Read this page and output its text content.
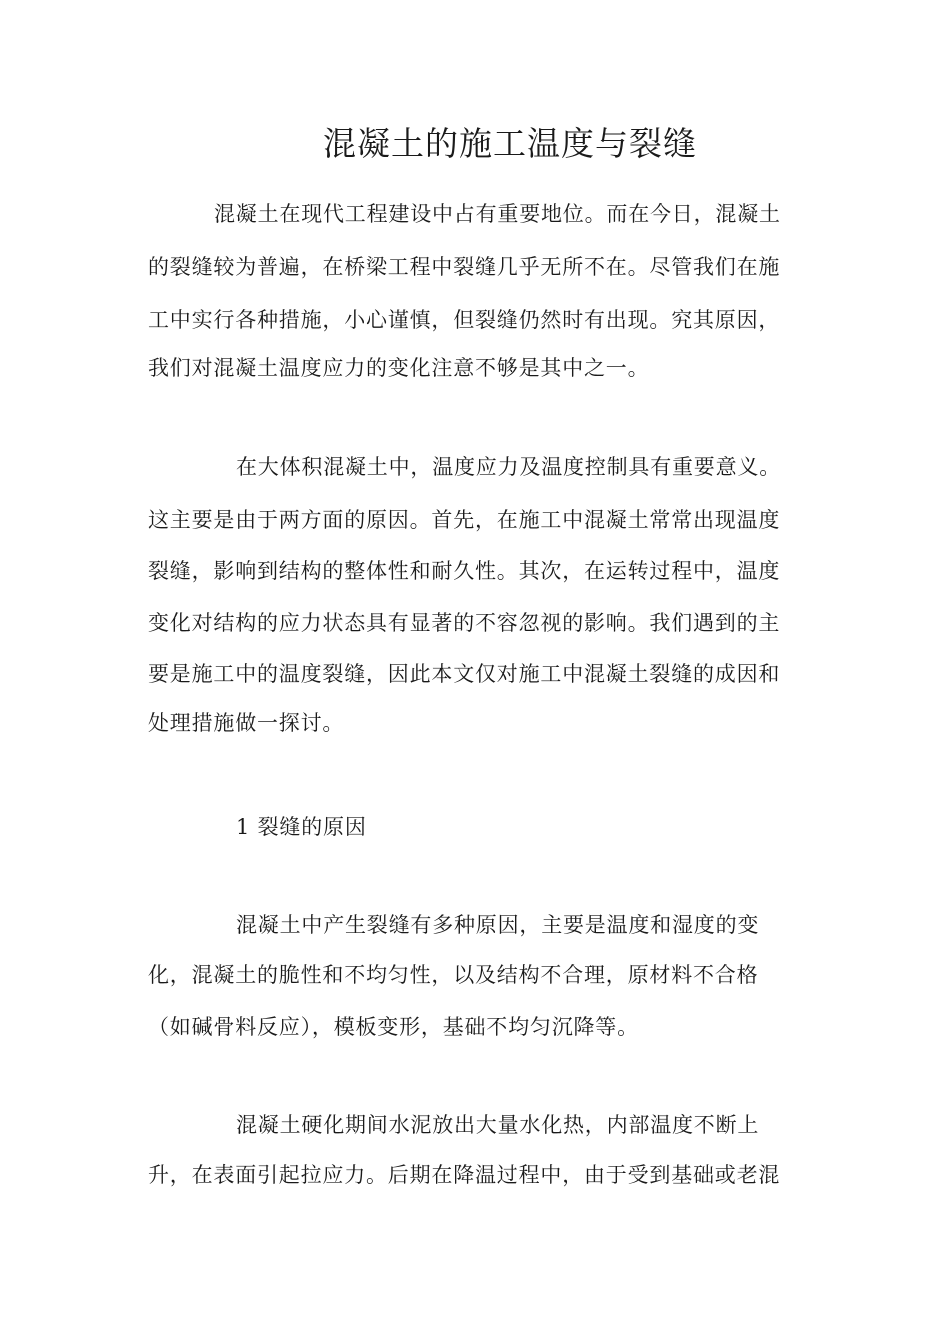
混凝土的施工温度与裂缝
混凝土在现代工程建设中占有重要地位。而在今日，混凝土
的裂缝较为普遍，在桥梁工程中裂缝几乎无所不在。尽管我们在施
工中实行各种措施，小心谨慎，但裂缝仍然时有出现。究其原因，
我们对混凝土温度应力的变化注意不够是其中之一。
在大体积混凝土中，温度应力及温度控制具有重要意义。
这主要是由于两方面的原因。首先，在施工中混凝土常常出现温度
裂缝，影响到结构的整体性和耐久性。其次，在运转过程中，温度
变化对结构的应力状态具有显著的不容忽视的影响。我们遇到的主
要是施工中的温度裂缝，因此本文仅对施工中混凝土裂缝的成因和
处理措施做一探讨。
1 裂缝的原因
混凝土中产生裂缝有多种原因，主要是温度和湿度的变
化，混凝土的脆性和不均匀性，以及结构不合理，原材料不合格
（如碱骨料反应），模板变形，基础不均匀沉降等。
混凝土硬化期间水泥放出大量水化热，内部温度不断上
升，在表面引起拉应力。后期在降温过程中，由于受到基础或老混
